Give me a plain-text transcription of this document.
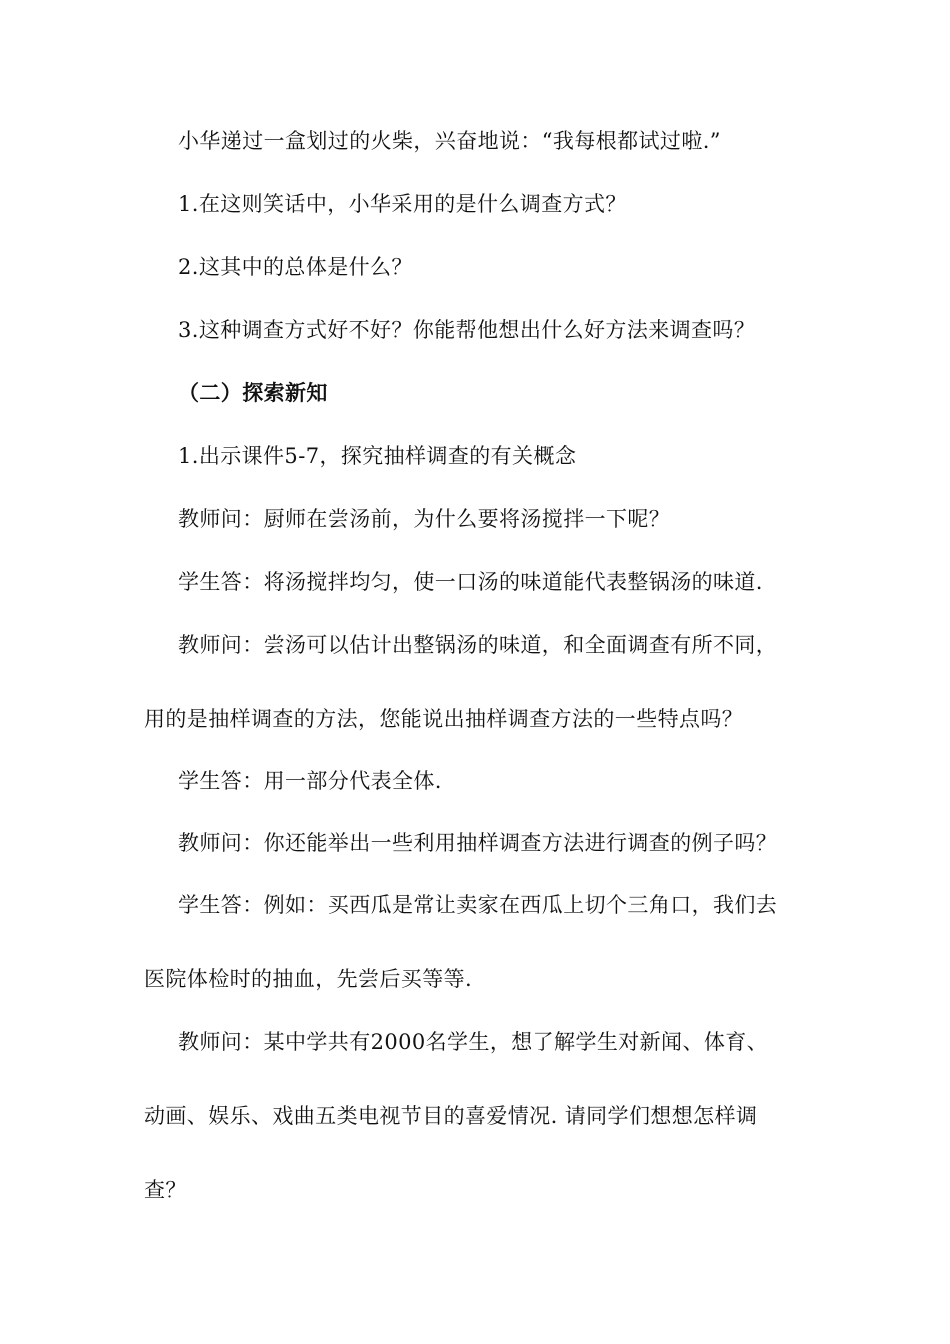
小华递过一盒划过的火柴，兴奋地说：“我每根都试过啦.”
1.在这则笑话中，小华采用的是什么调查方式？
2.这其中的总体是什么？
3.这种调查方式好不好？你能帮他想出什么好方法来调查吗？
（二）探索新知
1.出示课件5-7，探究抽样调查的有关概念
教师问：厨师在尝汤前，为什么要将汤搅拌一下呢？
学生答：将汤搅拌均匀，使一口汤的味道能代表整锅汤的味道.
教师问：尝汤可以估计出整锅汤的味道，和全面调查有所不同，
用的是抽样调查的方法，您能说出抽样调查方法的一些特点吗？
学生答：用一部分代表全体.
教师问：你还能举出一些利用抽样调查方法进行调查的例子吗？
学生答：例如：买西瓜是常让卖家在西瓜上切个三角口，我们去
医院体检时的抽血，先尝后买等等.
教师问：某中学共有2000名学生，想了解学生对新闻、体育、
动画、娱乐、戏曲五类电视节目的喜爱情况. 请同学们想想怎样调
查？
